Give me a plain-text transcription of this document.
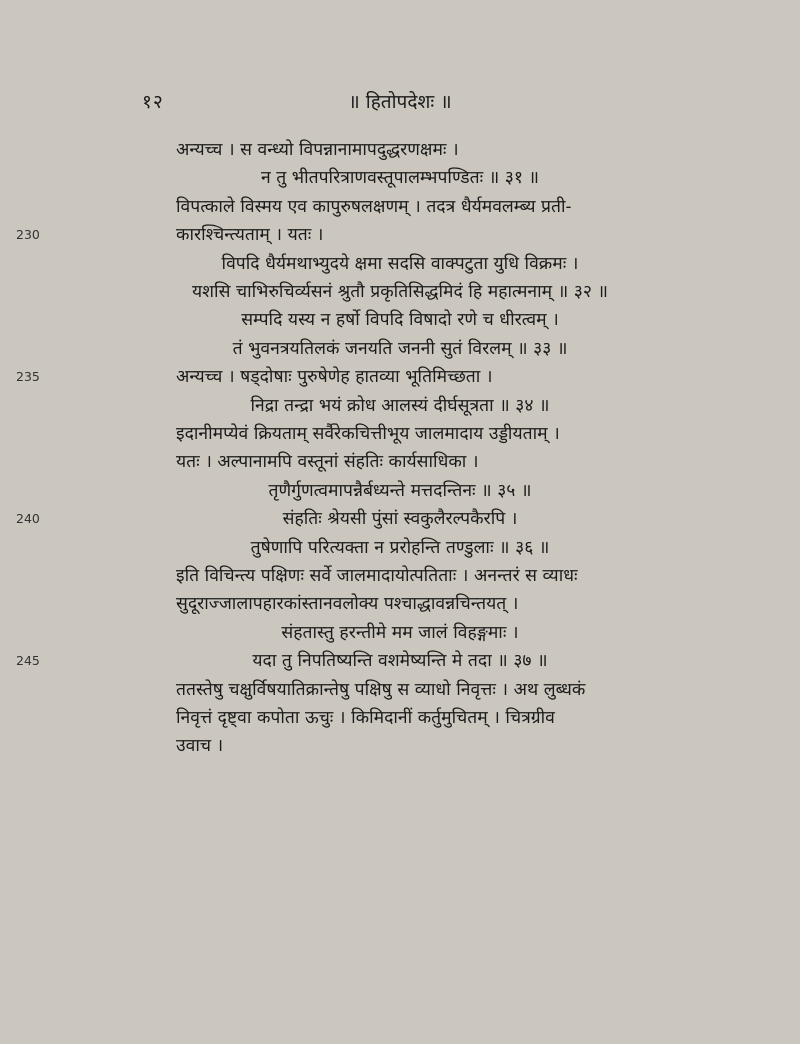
१२	॥ हितोपदेशः ॥
अन्यच्च । स वन्ध्यो विपन्नानामापदुद्धरणक्षमः ।
न तु भीतपरित्राणवस्तूपालम्भपण्डितः ॥ ३१ ॥
विपत्काले विस्मय एव कापुरुषलक्षणम् । तदत्र धैर्यमवलम्ब्य प्रती-
230	कारश्चिन्त्यताम् । यतः ।
विपदि धैर्यमथाभ्युदये क्षमा सदसि वाक्पटुता युधि विक्रमः ।
यशसि चाभिरुचिर्व्यसनं श्रुतौ प्रकृतिसिद्धमिदं हि महात्मनाम् ॥ ३२ ॥
सम्पदि यस्य न हर्षो विपदि विषादो रणे च धीरत्वम् ।
तं भुवनत्रयतिलकं जनयति जननी सुतं विरलम् ॥ ३३ ॥
235	अन्यच्च । षड्दोषाः पुरुषेणेह हातव्या भूतिमिच्छता ।
निद्रा तन्द्रा भयं क्रोध आलस्यं दीर्घसूत्रता ॥ ३४ ॥
इदानीमप्येवं क्रियताम् सर्वैरेकचित्तीभूय जालमादाय उड्डीयताम् ।
यतः । अल्पानामपि वस्तूनां संहतिः कार्यसाधिका ।
तृणैर्गुणत्वमापन्नैर्बध्यन्ते मत्तदन्तिनः ॥ ३५ ॥
240	संहतिः श्रेयसी पुंसां स्वकुलैरल्पकैरपि ।
तुषेणापि परित्यक्ता न प्ररोहन्ति तण्डुलाः ॥ ३६ ॥
इति विचिन्त्य पक्षिणः सर्वे जालमादायोत्पतिताः । अनन्तरं स व्याधः
सुदूराज्जालापहारकांस्तानवलोक्य पश्चाद्धावन्नचिन्तयत् ।
संहतास्तु हरन्तीमे मम जालं विहङ्गमाः ।
245	यदा तु निपतिष्यन्ति वशमेष्यन्ति मे तदा ॥ ३७ ॥
ततस्तेषु चक्षुर्विषयातिक्रान्तेषु पक्षिषु स व्याधो निवृत्तः । अथ लुब्धकं
निवृत्तं दृष्ट्वा कपोता ऊचुः । किमिदानीं कर्तुमुचितम् । चित्रग्रीव
उवाच ।
